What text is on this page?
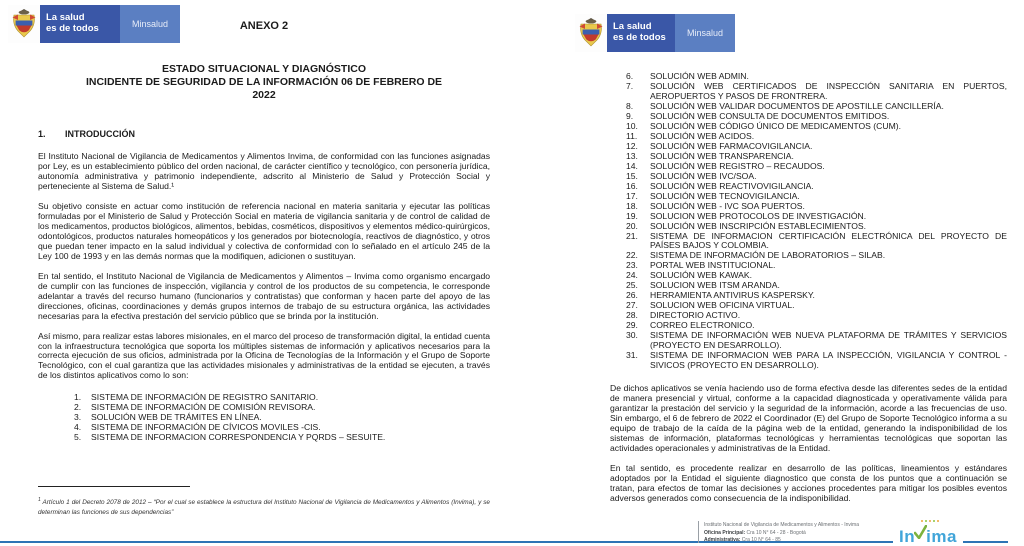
La salud
es de todos	Minsalud	ANEXO 2
ESTADO SITUACIONAL Y DIAGNÓSTICO
INCIDENTE DE SEGURIDAD DE LA INFORMACIÓN 06 DE FEBRERO DE
2022
1.	INTRODUCCIÓN

El Instituto Nacional de Vigilancia de Medicamentos y Alimentos Invima, de conformidad con las funciones asignadas por Ley, es un establecimiento público del orden nacional, de carácter científico y tecnológico, con personería jurídica, autonomía administrativa y patrimonio independiente, adscrito al Ministerio de Salud y Protección Social y perteneciente al Sistema de Salud.¹

Su objetivo consiste en actuar como institución de referencia nacional en materia sanitaria y ejecutar las políticas formuladas por el Ministerio de Salud y Protección Social en materia de vigilancia sanitaria y de control de calidad de los medicamentos, productos biológicos, alimentos, bebidas, cosméticos, dispositivos y elementos médico-quirúrgicos, odontológicos, productos naturales homeopáticos y los generados por biotecnología, reactivos de diagnóstico, y otros que puedan tener impacto en la salud individual y colectiva de conformidad con lo señalado en el artículo 245 de la Ley 100 de 1993 y en las demás normas que la modifiquen, adicionen o sustituyan.

En tal sentido, el Instituto Nacional de Vigilancia de Medicamentos y Alimentos – Invima como organismo encargado de cumplir con las funciones de inspección, vigilancia y control de los productos de su competencia, le corresponde adelantar a través del recurso humano (funcionarios y contratistas) que conforman y hacen parte del apoyo de las direcciones, oficinas, coordinaciones y demás grupos internos de trabajo de su estructura orgánica, las actividades necesarias para la efectiva prestación del servicio público que se brinda por la institución.

Así mismo, para realizar estas labores misionales, en el marco del proceso de transformación digital, la entidad cuenta con la infraestructura tecnológica que soporta los múltiples sistemas de información y aplicativos necesarios para la correcta ejecución de sus oficios, administrada por la Oficina de Tecnologías de la Información y el Grupo de Soporte Tecnológico, con el cual garantiza que las actividades misionales y administrativas de la entidad se ejecuten, a través de los distintos aplicativos como lo son:

1.	SISTEMA DE INFORMACIÓN DE REGISTRO SANITARIO.
2.	SISTEMA DE INFORMACIÓN DE COMISIÓN REVISORA.
3.	SOLUCIÓN WEB DE TRÁMITES EN LÍNEA.
4.	SISTEMA DE INFORMACIÓN DE CÍVICOS MOVILES -CIS.
5.	SISTEMA DE INFORMACION CORRESPONDENCIA Y PQRDS – SESUITE.

$^1$ Artículo 1 del Decreto 2078 de 2012 – “Por el cual se establece la estructura del Instituto Nacional de Vigilancia de Medicamentos y Alimentos (Invima), y se determinan las funciones de sus dependencias”

La salud
es de todos	Minsalud
6.	SOLUCIÓN WEB ADMIN.
7.	SOLUCIÓN WEB CERTIFICADOS DE INSPECCIÓN SANITARIA EN PUERTOS, AEROPUERTOS Y PASOS DE FRONTRERA.
8.	SOLUCIÓN WEB VALIDAR DOCUMENTOS DE APOSTILLE CANCILLERÍA.
9.	SOLUCIÓN WEB CONSULTA DE DOCUMENTOS EMITIDOS.
10.	SOLUCIÓN WEB CÓDIGO ÚNICO DE MEDICAMENTOS (CUM).
11.	SOLUCIÓN WEB ACIDOS.
12.	SOLUCIÓN WEB FARMACOVIGILANCIA.
13.	SOLUCIÓN WEB TRANSPARENCIA.
14.	SOLUCIÓN WEB REGISTRO – RECAUDOS.
15.	SOLUCIÓN WEB IVC/SOA.
16.	SOLUCIÓN WEB REACTIVOVIGILANCIA.
17.	SOLUCIÓN WEB TECNOVIGILANCIA.
18.	SOLUCIÓN WEB - IVC SOA PUERTOS.
19.	SOLUCION WEB PROTOCOLOS DE INVESTIGACIÓN.
20.	SOLUCIÓN WEB INSCRIPCIÓN ESTABLECIMIENTOS.
21.	SISTEMA DE INFORMACION CERTIFICACIÓN ELECTRÓNICA DEL PROYECTO DE PAÍSES BAJOS Y COLOMBIA.
22.	SISTEMA DE INFORMACIÓN DE LABORATORIOS – SILAB.
23.	PORTAL WEB INSTITUCIONAL.
24.	SOLUCIÓN WEB KAWAK.
25.	SOLUCION WEB ITSM ARANDA.
26.	HERRAMIENTA ANTIVIRUS KASPERSKY.
27.	SOLUCION WEB OFICINA VIRTUAL.
28.	DIRECTORIO ACTIVO.
29.	CORREO ELECTRONICO.
30.	SISTEMA DE INFORMACIÓN WEB NUEVA PLATAFORMA DE TRÁMITES Y SERVICIOS (PROYECTO EN DESARROLLO).
31.	SISTEMA DE INFORMACION WEB PARA LA INSPECCIÓN, VIGILANCIA Y CONTROL - SIVICOS (PROYECTO EN DESARROLLO).

De dichos aplicativos se venía haciendo uso de forma efectiva desde las diferentes sedes de la entidad de manera presencial y virtual, conforme a la capacidad diagnosticada y operativamente válida para garantizar la prestación del servicio y la seguridad de la información, acorde a las frecuencias de uso. Sin embargo, el 6 de febrero de 2022 el Coordinador (E) del Grupo de Soporte Tecnológico informa a su equipo de trabajo de la caída de la página web de la entidad, generando la indisponibilidad de los sistemas de información, plataformas tecnológicas y herramientas tecnológicas que soportan las actividades operacionales y administrativas de la Entidad.

En tal sentido, es procedente realizar en desarrollo de las políticas, lineamientos y estándares adoptados por la Entidad el siguiente diagnostico que consta de los puntos que a continuación se tratan, para efectos de tomar las decisiones y acciones procedentes para mitigar los posibles eventos adversos generados como consecuencia de la indisponibilidad.

Instituto Nacional de Vigilancia de Medicamentos y Alimentos - Invima
Oficina Principal: Cra 10 N° 64 - 28 - Bogotá
Administrativa: Cra 10 N° 64 - 85	In ima
